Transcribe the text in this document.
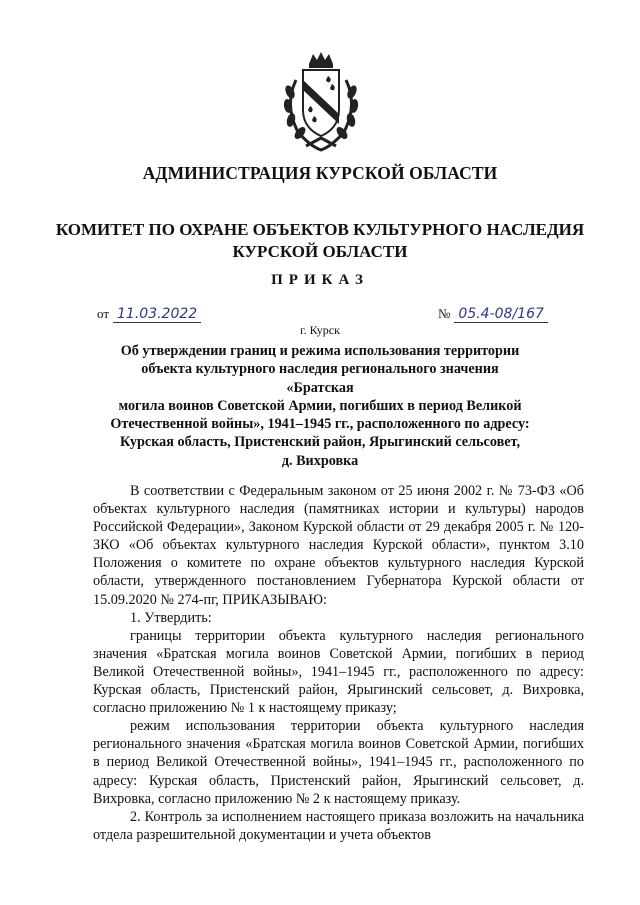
АДМИНИСТРАЦИЯ КУРСКОЙ ОБЛАСТИ
КОМИТЕТ ПО ОХРАНЕ ОБЪЕКТОВ КУЛЬТУРНОГО НАСЛЕДИЯ
КУРСКОЙ ОБЛАСТИ
ПРИКАЗ
от 11.03.2022	№ 05.4-08/167
г. Курск
Об утверждении границ и режима использования территории
объекта культурного наследия регионального значения «Братская
могила воинов Советской Армии, погибших в период Великой
Отечественной войны», 1941–1945 гг., расположенного по адресу:
Курская область, Пристенский район, Ярыгинский сельсовет,
д. Вихровка

В соответствии с Федеральным законом от 25 июня 2002 г. № 73-ФЗ «Об объектах культурного наследия (памятниках истории и культуры) народов Российской Федерации», Законом Курской области от 29 декабря 2005 г. № 120-ЗКО «Об объектах культурного наследия Курской области», пунктом 3.10 Положения о комитете по охране объектов культурного наследия Курской области, утвержденного постановлением Губернатора Курской области от 15.09.2020 № 274-пг, ПРИКАЗЫВАЮ:

1. Утвердить:

границы территории объекта культурного наследия регионального значения «Братская могила воинов Советской Армии, погибших в период Великой Отечественной войны», 1941–1945 гг., расположенного по адресу: Курская область, Пристенский район, Ярыгинский сельсовет, д. Вихровка, согласно приложению № 1 к настоящему приказу;

режим использования территории объекта культурного наследия регионального значения «Братская могила воинов Советской Армии, погибших в период Великой Отечественной войны», 1941–1945 гг., расположенного по адресу: Курская область, Пристенский район, Ярыгинский сельсовет, д. Вихровка, согласно приложению № 2 к настоящему приказу.

2. Контроль за исполнением настоящего приказа возложить на начальника отдела разрешительной документации и учета объектов
